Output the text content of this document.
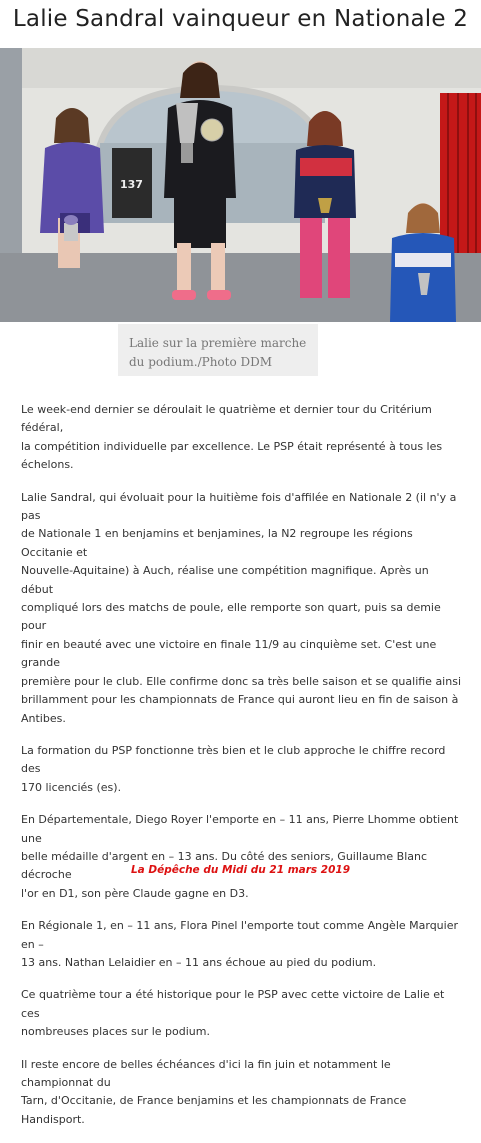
Lalie Sandral vainqueur en Nationale 2
137
Lalie sur la première marche
du podium./Photo DDM

Le week-end dernier se déroulait le quatrième et dernier tour du Critérium fédéral,
la compétition individuelle par excellence. Le PSP était représenté à tous les
échelons.

Lalie Sandral, qui évoluait pour la huitième fois d'affilée en Nationale 2 (il n'y a pas
de Nationale 1 en benjamins et benjamines, la N2 regroupe les régions Occitanie et
Nouvelle-Aquitaine) à Auch, réalise une compétition magnifique. Après un début
compliqué lors des matchs de poule, elle remporte son quart, puis sa demie pour
finir en beauté avec une victoire en finale 11/9 au cinquième set. C'est une grande
première pour le club. Elle confirme donc sa très belle saison et se qualifie ainsi
brillamment pour les championnats de France qui auront lieu en fin de saison à
Antibes.

La formation du PSP fonctionne très bien et le club approche le chiffre record des
170 licenciés (es).

En Départementale, Diego Royer l'emporte en – 11 ans, Pierre Lhomme obtient une
belle médaille d'argent en – 13 ans. Du côté des seniors, Guillaume Blanc décroche
l'or en D1, son père Claude gagne en D3.

En Régionale 1, en – 11 ans, Flora Pinel l'emporte tout comme Angèle Marquier en –
13 ans. Nathan Lelaidier en – 11 ans échoue au pied du podium.

Ce quatrième tour a été historique pour le PSP avec cette victoire de Lalie et ces
nombreuses places sur le podium.

Il reste encore de belles échéances d'ici la fin juin et notamment le championnat du
Tarn, d'Occitanie, de France benjamins et les championnats de France Handisport.

La Dépêche du Midi du 21 mars 2019
